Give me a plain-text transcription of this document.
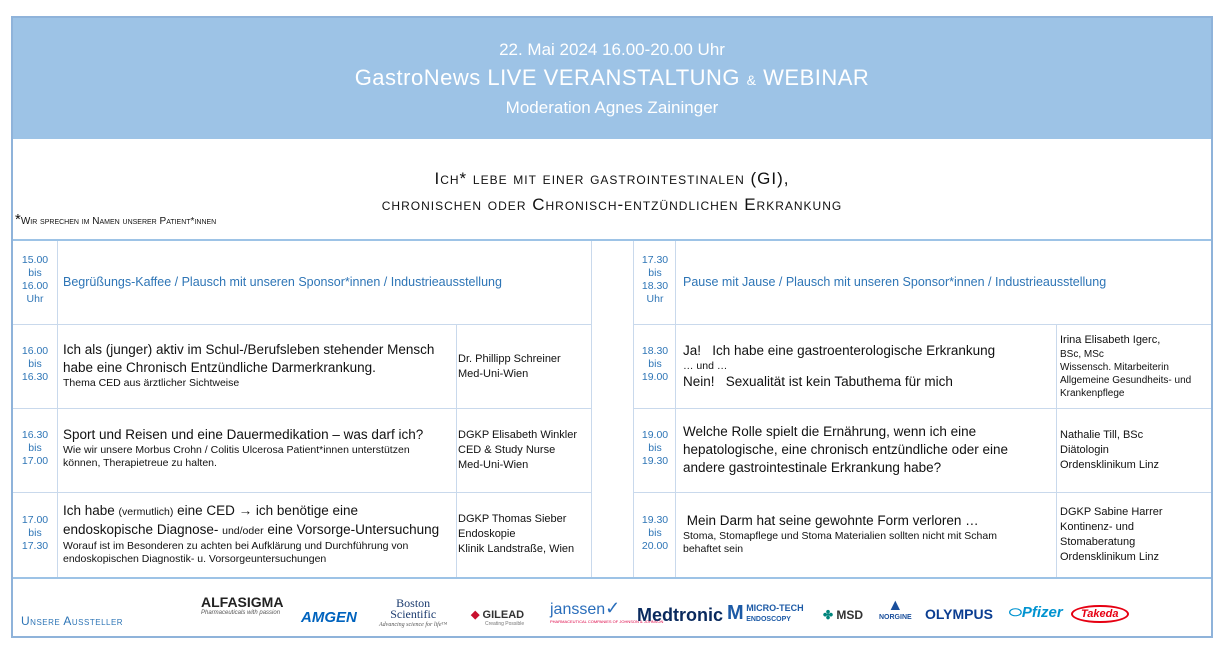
22. Mai 2024 16.00-20.00 Uhr
GastroNews LIVE VERANSTALTUNG & WEBINAR
Moderation Agnes Zaininger
Ich* lebe mit einer gastrointestinalen (GI),
chronischen oder Chronisch-entzündlichen Erkrankung
*Wir sprechen im Namen unserer Patient*innen
15.00
bis
16.00
Uhr
Begrüßungs-Kaffee / Plausch mit unseren Sponsor*innen / Industrieausstellung
16.00
bis
16.30
Ich als (junger) aktiv im Schul-/Berufsleben stehender Mensch
habe eine Chronisch Entzündliche Darmerkrankung.
Thema CED aus ärztlicher Sichtweise
Dr. Phillipp Schreiner
Med-Uni-Wien
16.30
bis
17.00
Sport und Reisen und eine Dauermedikation – was darf ich?
Wie wir unsere Morbus Crohn / Colitis Ulcerosa Patient*innen unterstützen
können, Therapietreue zu halten.
DGKP Elisabeth Winkler
CED & Study Nurse
Med-Uni-Wien
17.00
bis
17.30
Ich habe (vermutlich) eine CED → ich benötige eine
endoskopische Diagnose- und/oder eine Vorsorge-Untersuchung
Worauf ist im Besonderen zu achten bei Aufklärung und Durchführung von
endoskopischen Diagnostik- u. Vorsorgeuntersuchungen
DGKP Thomas Sieber
Endoskopie
Klinik Landstraße, Wien
17.30
bis
18.30
Uhr
Pause mit Jause / Plausch mit unseren Sponsor*innen / Industrieausstellung
18.30
bis
19.00
Ja!   Ich habe eine gastroenterologische Erkrankung
… und …
Nein!   Sexualität ist kein Tabuthema für mich
Irina Elisabeth Igerc,
BSc, MSc
Wissensch. Mitarbeiterin
Allgemeine Gesundheits- und
Krankenpflege
19.00
bis
19.30
Welche Rolle spielt die Ernährung, wenn ich eine
hepatologische, eine chronisch entzündliche oder eine
andere gastrointestinale Erkrankung habe?
Nathalie Till, BSc
Diätologin
Ordensklinikum Linz
19.30
bis
20.00
Mein Darm hat seine gewohnte Form verloren …
Stoma, Stomapflege und Stoma Materialien sollten nicht mit Scham
behaftet sein
DGKP Sabine Harrer
Kontinenz- und
Stomaberatung
Ordensklinikum Linz
Unsere Aussteller
ALFASIGMA
Pharmaceuticals with passion AMGEN
Boston
Scientific
Advancing science for life™
◆ GILEAD
Creating Possible
janssen✓
PHARMACEUTICAL COMPANIES OF JOHNSON & JOHNSON
Medtronic M MICRO-TECH
ENDOSCOPY	✤ MSD
▲
NORGINE OLYMPUS ⬭Pfizer	Takeda
